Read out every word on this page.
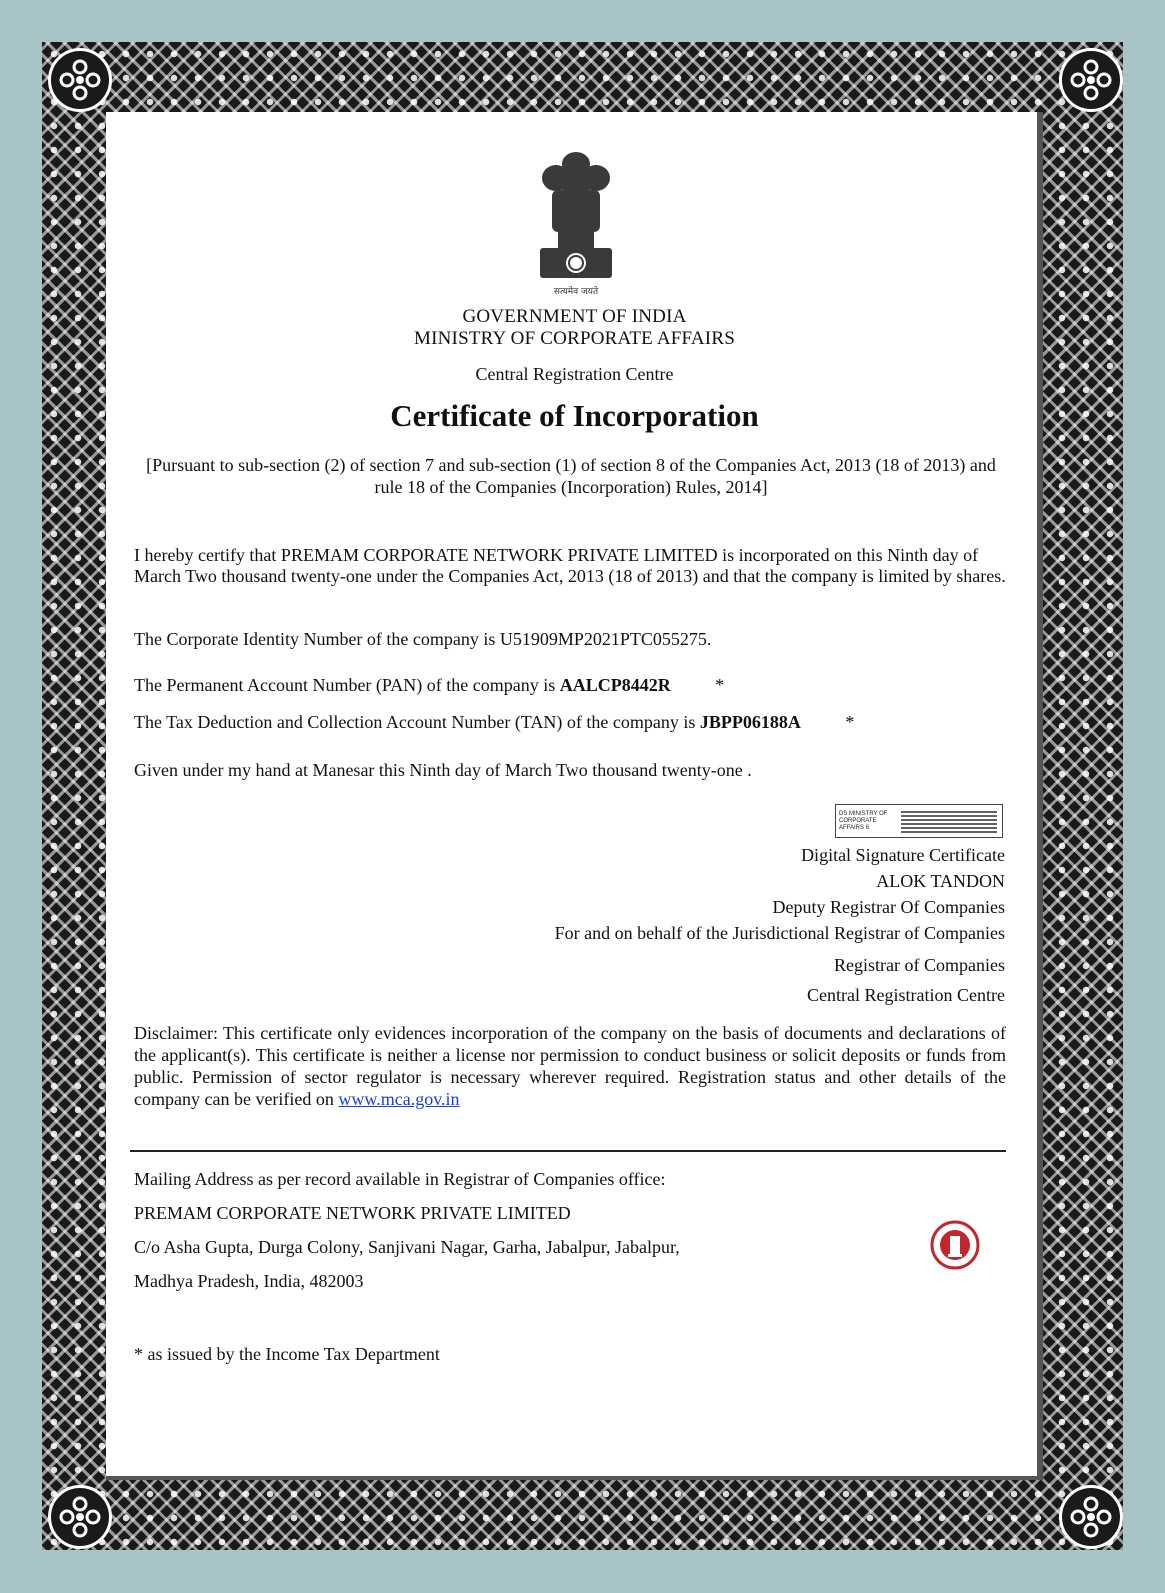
सत्यमेव जयते
GOVERNMENT OF INDIA
MINISTRY OF CORPORATE AFFAIRS
Central Registration Centre
Certificate of Incorporation
[Pursuant to sub-section (2) of section 7 and sub-section (1) of section 8 of the Companies Act, 2013 (18 of 2013) and
rule 18 of the Companies (Incorporation) Rules, 2014]
I hereby certify that PREMAM CORPORATE NETWORK PRIVATE LIMITED is incorporated on this Ninth day of March Two thousand twenty-one under the Companies Act, 2013 (18 of 2013) and that the company is limited by shares.
The Corporate Identity Number of the company is U51909MP2021PTC055275.
The Permanent Account Number (PAN) of the company is AALCP8442R *
The Tax Deduction and Collection Account Number (TAN) of the company is JBPP06188A *
Given under my hand at Manesar this Ninth day of March Two thousand twenty-one .
DS MINISTRY OF CORPORATE AFFAIRS 6
Digital Signature Certificate
ALOK TANDON
Deputy Registrar Of Companies
For and on behalf of the Jurisdictional Registrar of Companies
Registrar of Companies
Central Registration Centre
Disclaimer: This certificate only evidences incorporation of the company on the basis of documents and declarations of the applicant(s). This certificate is neither a license nor permission to conduct business or solicit deposits or funds from public. Permission of sector regulator is necessary wherever required. Registration status and other details of the company can be verified on www.mca.gov.in
Mailing Address as per record available in Registrar of Companies office:
PREMAM CORPORATE NETWORK PRIVATE LIMITED
C/o Asha Gupta, Durga Colony, Sanjivani Nagar, Garha, Jabalpur, Jabalpur,
Madhya Pradesh, India, 482003
* as issued by the Income Tax Department
